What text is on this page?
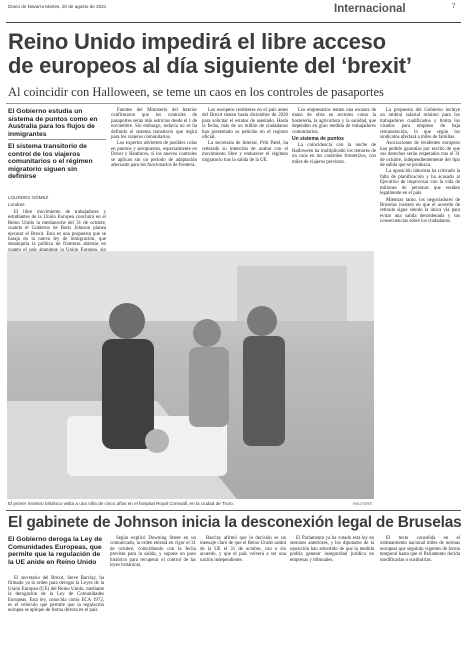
Diario de Navarra Martes, 20 de agosto de 2021	Internacional	7
Reino Unido impedirá el libre acceso
de europeos al día siguiente del ‘brexit’
Al coincidir con Halloween, se teme un caos en los controles de pasaportes
El Gobierno estudia un sistema de puntos como en Australia para los flujos de inmigrantes
El sistema transitorio de control de los viajeros comunitarios o el régimen migratorio siguen sin definirse
LOURDES GÓMEZ
Londres

El libre movimiento de trabajadores y estudiantes de la Unión Europea concluirá en el Reino Unido la medianoche del 31 de octubre, cuando el Gobierno de Boris Johnson planea ejecutar el Brexit. Esta es una propuesta que se baraja en la nueva ley de inmigración, que desalojaría la política de fronteras abiertas en

Fuentes del Ministerio del Interior confirmaron que los controles de pasaportes serán más estrictos desde el 1 de noviembre. Sin embargo, todavía no se ha definido el sistema transitorio que regirá para los viajeros comunitarios.

Los expertos advierten de posibles colas en puertos y aeropuertos, especialmente en Dover y Heathrow, si los nuevos controles se aplican sin un periodo de adaptación adecuado para los funcionarios de frontera.

Los europeos residentes en el país antes del Brexit tienen hasta diciembre de 2020 para solicitar el estatus de asentado. Hasta la fecha, más de un millón de ciudadanos han presentado su petición en el registro oficial.

La secretaria de Interior, Priti Patel, ha reiterado su intención de acabar con el movimiento libre y endurecer el régimen migratorio tras la salida de la UE.

Los empresarios temen una escasez de mano de obra en sectores como la hostelería, la agricultura y la sanidad, que dependen en gran medida de trabajadores comunitarios.

Un sistema de puntos

La coincidencia con la noche de Halloween ha multiplicado los temores de un caos en los controles fronterizos, con miles de viajeros previstos.

La propuesta del Gobierno incluye un umbral salarial mínimo para los trabajadores cualificados y limita los visados para empleos de baja remuneración, lo que según los sindicatos afectará a miles de familias.

Asociaciones de residentes europeos han pedido garantías por escrito de que sus derechos serán respetados tras el 31 de octubre, independientemente del tipo de salida que se produzca.

La oposición laborista ha criticado la falta de planificación y ha acusado al Ejecutivo de improvisar con la vida de millones de personas que residen legalmente en el país.

Mientras tanto, los negociadores de Bruselas insisten en que el acuerdo de retirada sigue siendo la única vía para evitar una salida desordenada y sus consecuencias sobre los ciudadanos.

El primer ministro británico visita a una niña de cinco años en el hospital Royal Cornwall, en la ciudad de Truro.	REUTERS
El gabinete de Johnson inicia la desconexión legal de Bruselas
El Gobierno deroga la Ley de Comunidades Europeas, que permite que la regulación de la UE anide en Reino Unido

El secretario del Brexit, Steve Barclay, ha firmado ya la orden para derogar la Leyes de la Unión Europea (UE) del Reino Unido, mediante la derogación de la Ley de Comunidades Europeas. Esta ley, conocida como ECA 1972, es el vehículo que permite que la regulación europea se aplique de forma directa en el país.

Según explicó Downing Street en un comunicado, la orden entrará en vigor el 31 de octubre, coincidiendo con la fecha prevista para la salida, y supone un paso histórico para recuperar el control de las leyes británicas.

Barclay afirmó que la decisión es un mensaje claro de que el Reino Unido saldrá de la UE el 31 de octubre, con o sin acuerdo, y que el país volverá a ser una nación independiente.

El Parlamento ya ha votado esta ley en sesiones anteriores, y los diputados de la oposición han advertido de que la medida podría generar inseguridad jurídica en empresas y tribunales.

El texto consolida en el ordenamiento nacional miles de normas europeas que seguirán vigentes de forma temporal hasta que el Parlamento decida modificarlas o sustituirlas.
